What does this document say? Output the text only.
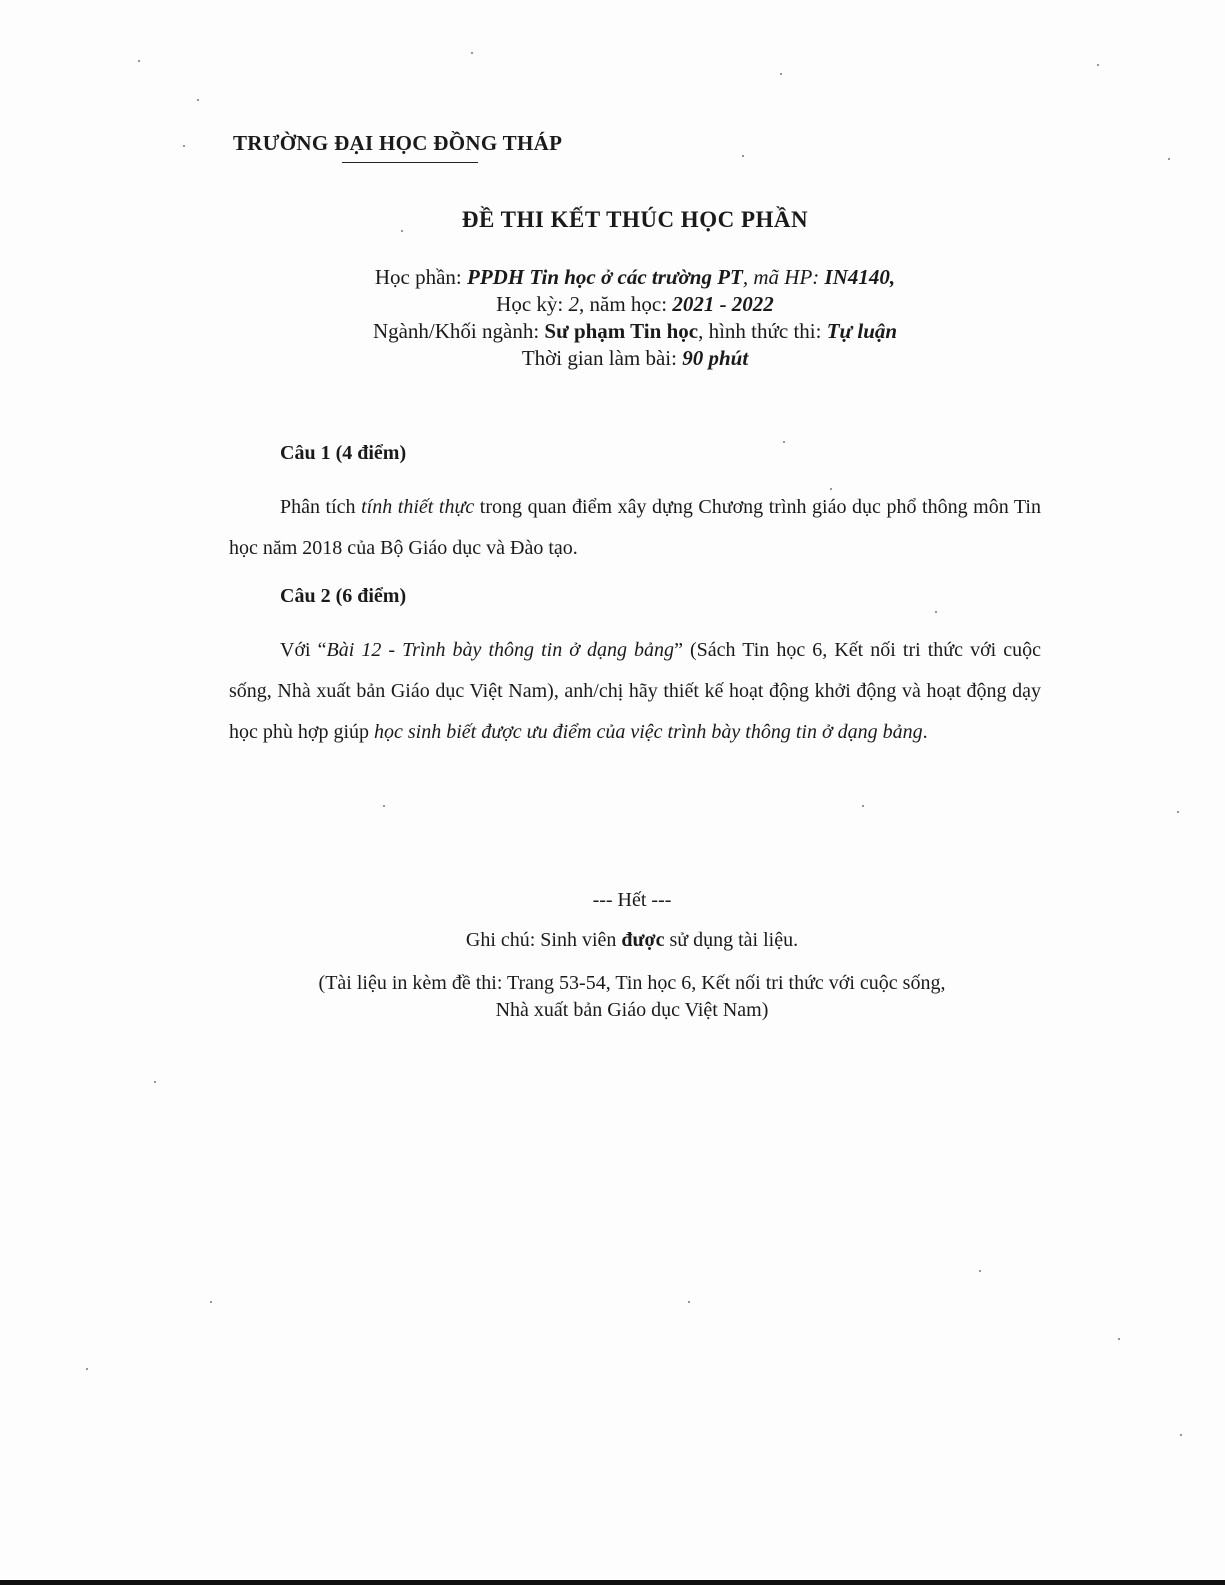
TRƯỜNG ĐẠI HỌC ĐỒNG THÁP
ĐỀ THI KẾT THÚC HỌC PHẦN
Học phần: PPDH Tin học ở các trường PT, mã HP: IN4140,
Học kỳ: 2, năm học: 2021 - 2022
Ngành/Khối ngành: Sư phạm Tin học, hình thức thi: Tự luận
Thời gian làm bài: 90 phút
Câu 1 (4 điểm)
Phân tích tính thiết thực trong quan điểm xây dựng Chương trình giáo dục phổ thông môn Tin học năm 2018 của Bộ Giáo dục và Đào tạo.
Câu 2 (6 điểm)
Với “Bài 12 - Trình bày thông tin ở dạng bảng” (Sách Tin học 6, Kết nối tri thức với cuộc sống, Nhà xuất bản Giáo dục Việt Nam), anh/chị hãy thiết kế hoạt động khởi động và hoạt động dạy học phù hợp giúp học sinh biết được ưu điểm của việc trình bày thông tin ở dạng bảng.
--- Hết ---
Ghi chú: Sinh viên được sử dụng tài liệu.
(Tài liệu in kèm đề thi: Trang 53-54, Tin học 6, Kết nối tri thức với cuộc sống,
Nhà xuất bản Giáo dục Việt Nam)
